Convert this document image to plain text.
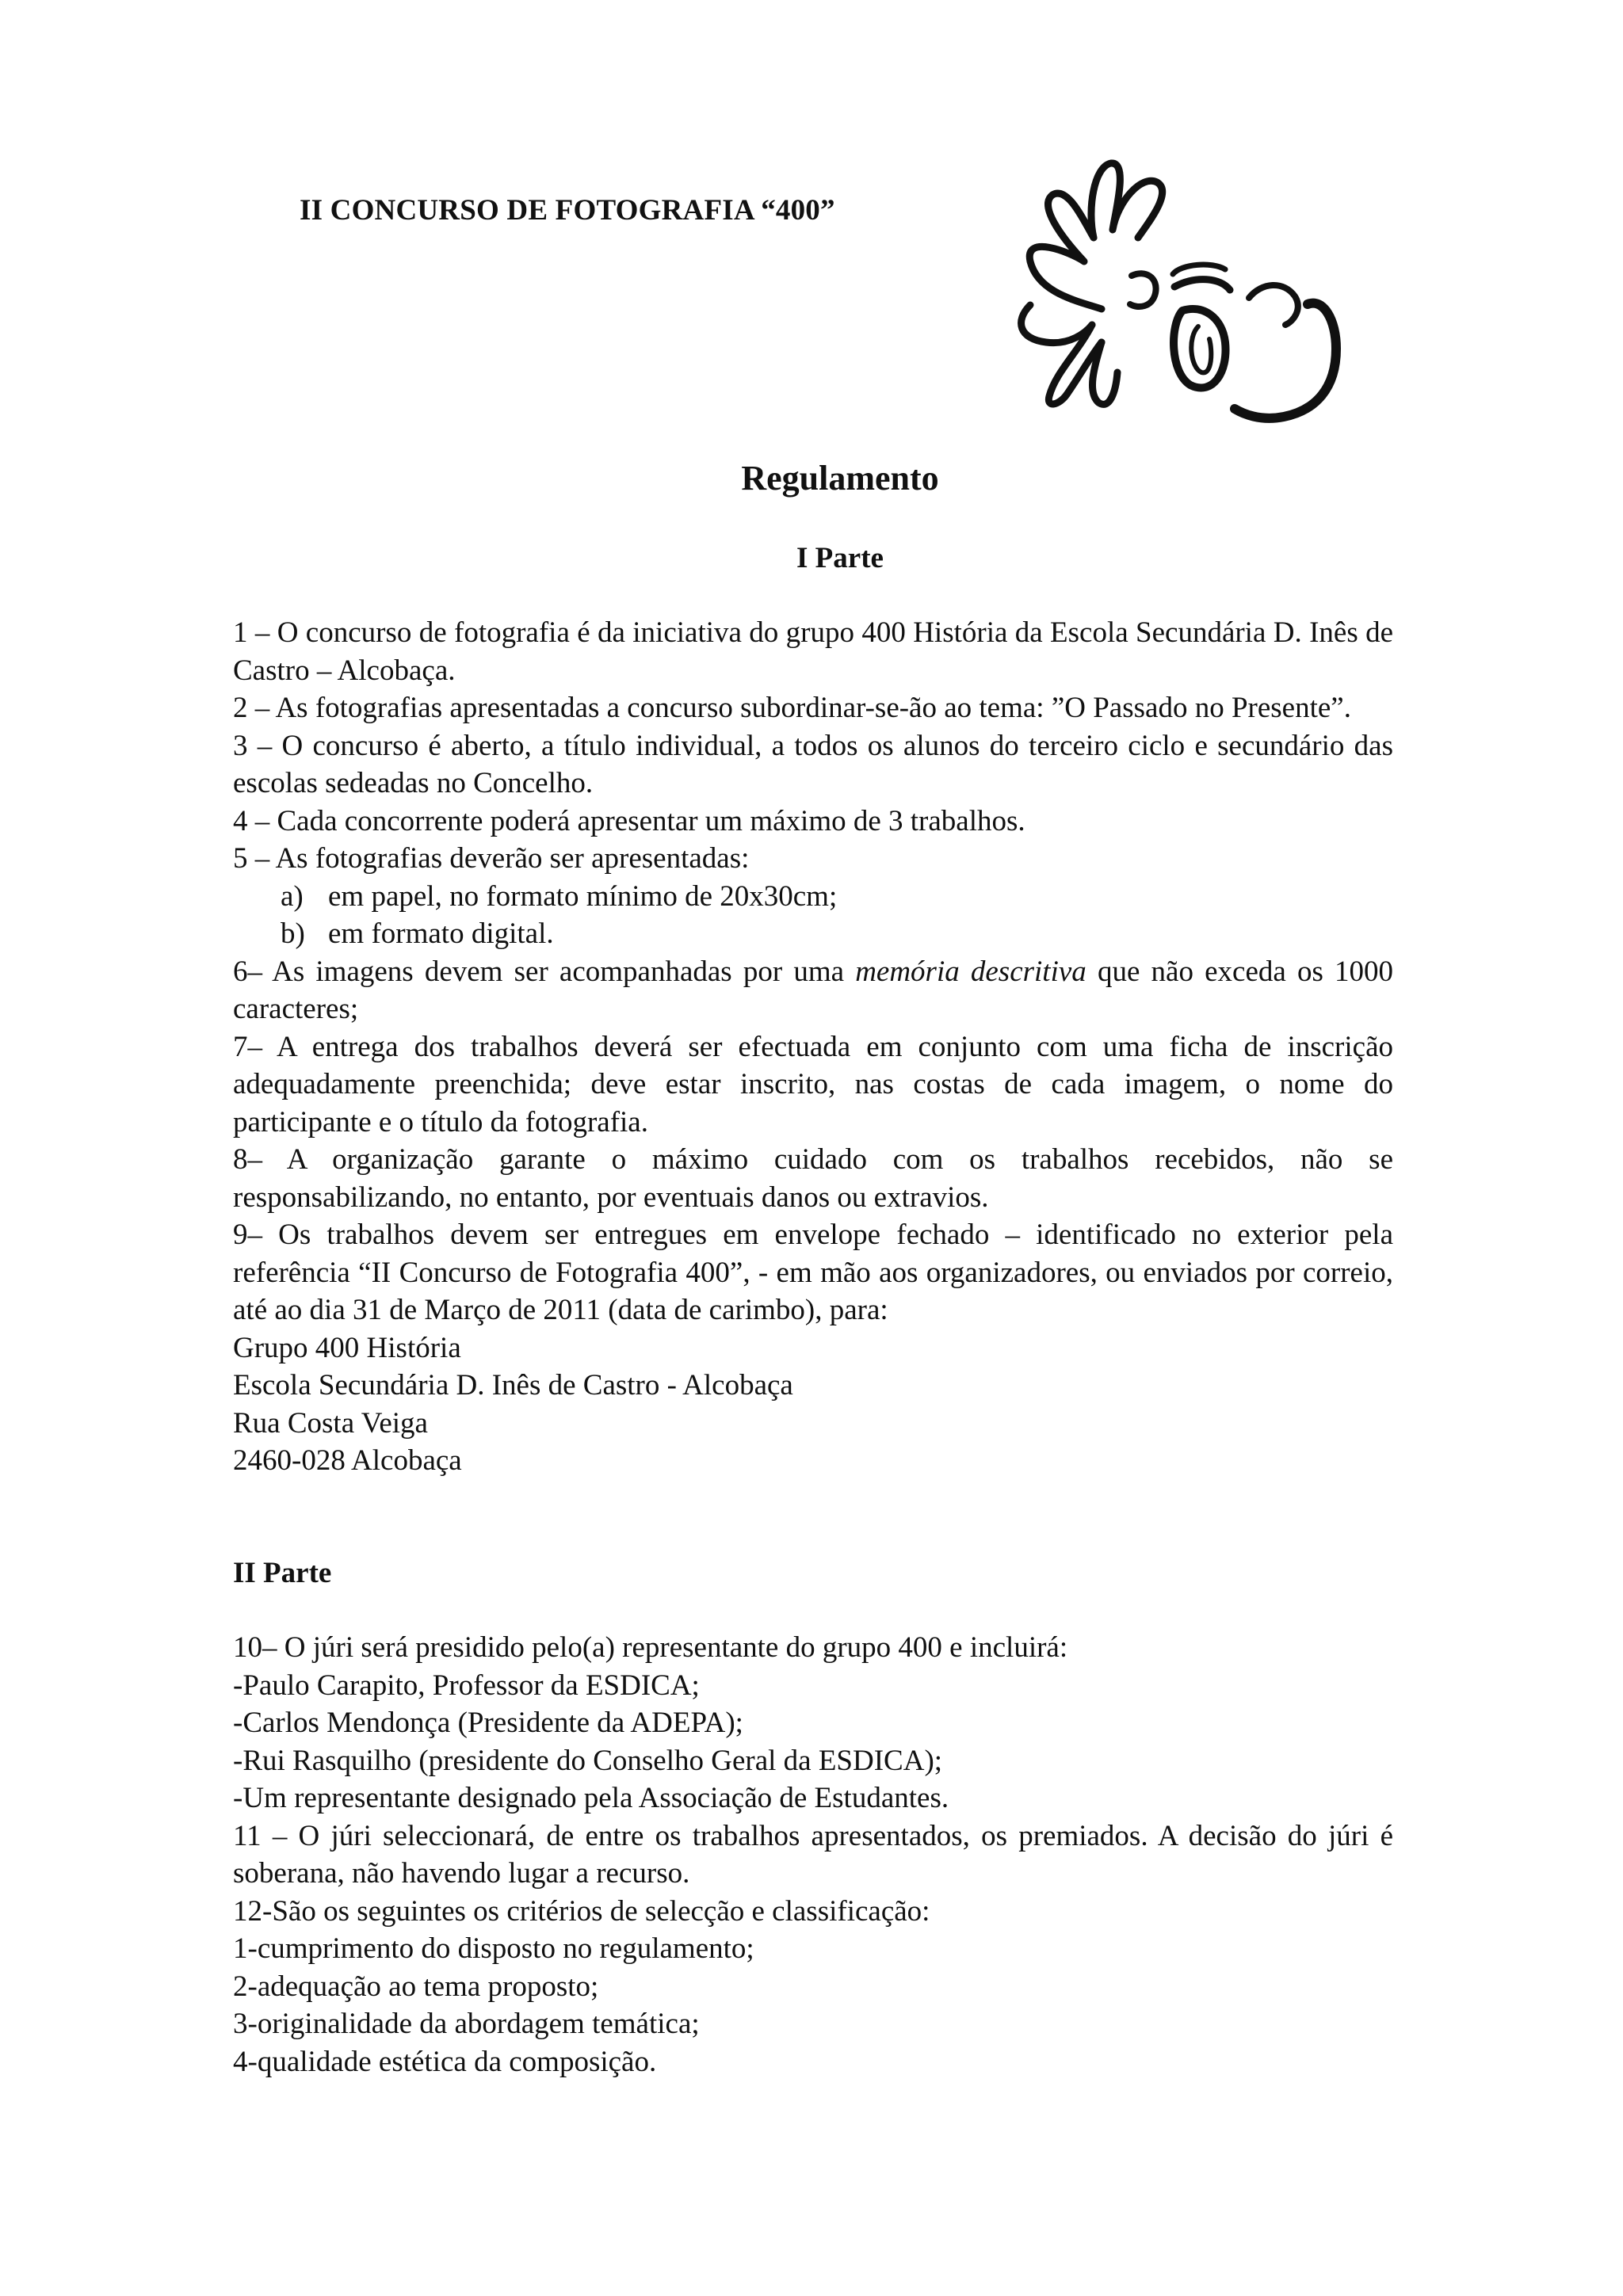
II CONCURSO DE FOTOGRAFIA “400”
Regulamento
I Parte

1 – O concurso de fotografia é da iniciativa do grupo 400 História da Escola Secundária D. Inês de Castro – Alcobaça.

2 – As fotografias apresentadas a concurso subordinar-se-ão ao tema: ”O Passado no Presente”.

3 – O concurso é aberto, a título individual, a todos os alunos do terceiro ciclo e secundário das escolas sedeadas no Concelho.

4 – Cada concorrente poderá apresentar um máximo de 3 trabalhos.

5 – As fotografias deverão ser apresentadas:

a) em papel, no formato mínimo de 20x30cm;

b) em formato digital.

6– As imagens devem ser acompanhadas por uma memória descritiva que não exceda os 1000 caracteres;

7– A entrega dos trabalhos deverá ser efectuada em conjunto com uma ficha de inscrição adequadamente preenchida; deve estar inscrito, nas costas de cada imagem, o nome do participante e o título da fotografia.

8– A organização garante o máximo cuidado com os trabalhos recebidos, não se responsabilizando, no entanto, por eventuais danos ou extravios.

9– Os trabalhos devem ser entregues em envelope fechado – identificado no exterior pela referência “II Concurso de Fotografia 400”, - em mão aos organizadores, ou enviados por correio, até ao dia 31 de Março de 2011 (data de carimbo), para:

Grupo 400 História

Escola Secundária D. Inês de Castro - Alcobaça

Rua Costa Veiga

2460-028 Alcobaça

II Parte

10– O júri será presidido pelo(a) representante do grupo 400 e incluirá:

-Paulo Carapito, Professor da ESDICA;

-Carlos Mendonça (Presidente da ADEPA);

-Rui Rasquilho (presidente do Conselho Geral da ESDICA);

-Um representante designado pela Associação de Estudantes.

11 – O júri seleccionará, de entre os trabalhos apresentados, os premiados. A decisão do júri é soberana, não havendo lugar a recurso.

12-São os seguintes os critérios de selecção e classificação:

1-cumprimento do disposto no regulamento;

2-adequação ao tema proposto;

3-originalidade da abordagem temática;

4-qualidade estética da composição.
